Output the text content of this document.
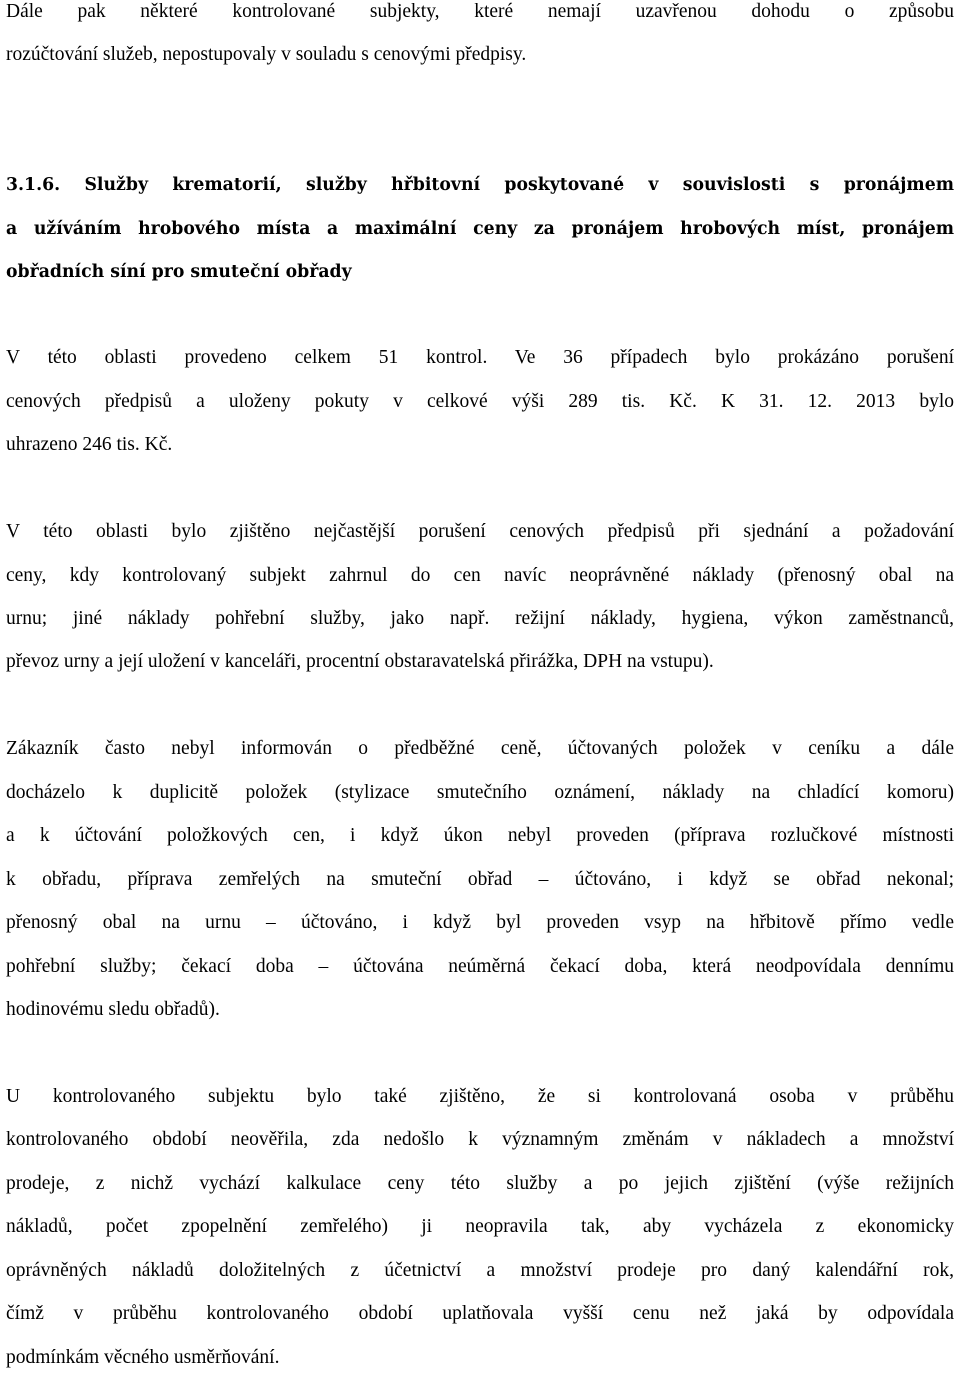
Dále pak některé kontrolované subjekty, které nemají uzavřenou dohodu o způsobu
rozúčtování služeb, nepostupovaly v souladu s cenovými předpisy.
3.1.6. Služby krematorií, služby hřbitovní poskytované v souvislosti s pronájmem
a užíváním hrobového místa a maximální ceny za pronájem hrobových míst, pronájem
obřadních síní pro smuteční obřady
V této oblasti provedeno celkem 51 kontrol. Ve 36 případech bylo prokázáno porušení
cenových předpisů a uloženy pokuty v celkové výši 289 tis. Kč. K 31. 12. 2013 bylo
uhrazeno 246 tis. Kč.
V této oblasti bylo zjištěno nejčastější porušení cenových předpisů při sjednání a požadování
ceny, kdy kontrolovaný subjekt zahrnul do cen navíc neoprávněné náklady (přenosný obal na
urnu; jiné náklady pohřební služby, jako např. režijní náklady, hygiena, výkon zaměstnanců,
převoz urny a její uložení v kanceláři, procentní obstaravatelská přirážka, DPH na vstupu).
Zákazník často nebyl informován o předběžné ceně, účtovaných položek v ceníku a dále
docházelo k duplicitě položek (stylizace smutečního oznámení, náklady na chladící komoru)
a k účtování položkových cen, i když úkon nebyl proveden (příprava rozlučkové místnosti
k obřadu, příprava zemřelých na smuteční obřad – účtováno, i když se obřad nekonal;
přenosný obal na urnu – účtováno, i když byl proveden vsyp na hřbitově přímo vedle
pohřební služby; čekací doba – účtována neúměrná čekací doba, která neodpovídala dennímu
hodinovému sledu obřadů).
U kontrolovaného subjektu bylo také zjištěno, že si kontrolovaná osoba v průběhu
kontrolovaného období neověřila, zda nedošlo k významným změnám v nákladech a množství
prodeje, z nichž vychází kalkulace ceny této služby a po jejich zjištění (výše režijních
nákladů, počet zpopelnění zemřelého) ji neopravila tak, aby vycházela z ekonomicky
oprávněných nákladů doložitelných z účetnictví a množství prodeje pro daný kalendářní rok,
čímž v průběhu kontrolovaného období uplatňovala vyšší cenu než jaká by odpovídala
podmínkám věcného usměrňování.
